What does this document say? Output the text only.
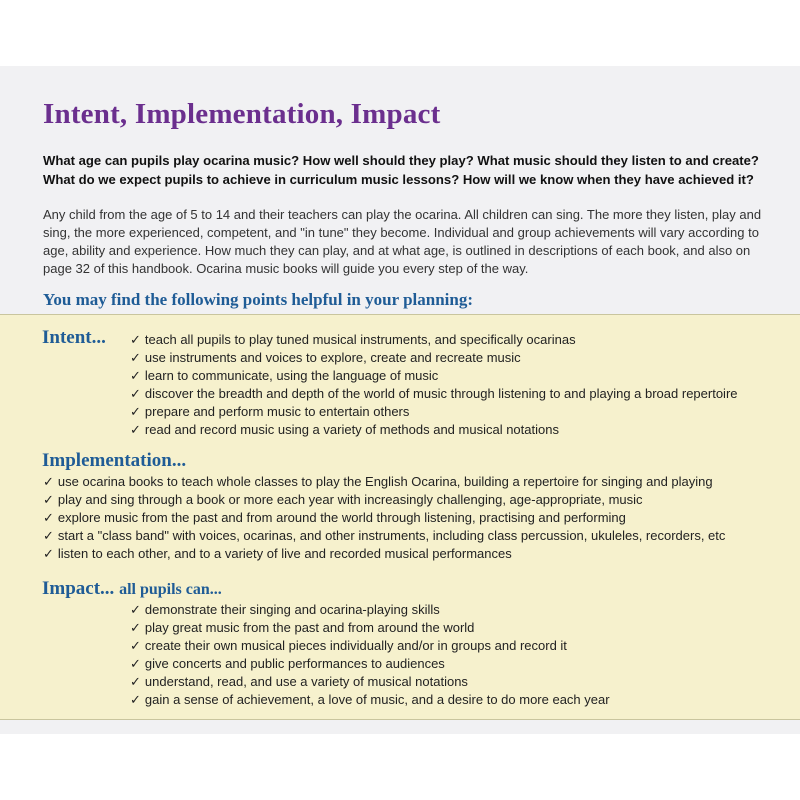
Intent, Implementation, Impact
What age can pupils play ocarina music? How well should they play? What music should they listen to and create?
What do we expect pupils to achieve in curriculum music lessons? How will we know when they have achieved it?

Any child from the age of 5 to 14 and their teachers can play the ocarina. All children can sing. The more they listen, play and sing, the more experienced, competent, and "in tune" they become. Individual and group achievements will vary according to age, ability and experience. How much they can play, and at what age, is outlined in descriptions of each book, and also on page 32 of this handbook. Ocarina music books will guide you every step of the way.

You may find the following points helpful in your planning:
Intent... ✓ teach all pupils to play tuned musical instruments, and specifically ocarinas
✓ use instruments and voices to explore, create and recreate music
✓ learn to communicate, using the language of music
✓ discover the breadth and depth of the world of music through listening to and playing a broad repertoire
✓ prepare and perform music to entertain others
✓ read and record music using a variety of methods and musical notations
Implementation...
✓ use ocarina books to teach whole classes to play the English Ocarina, building a repertoire for singing and playing
✓ play and sing through a book or more each year with increasingly challenging, age-appropriate, music
✓ explore music from the past and from around the world through listening, practising and performing
✓ start a "class band" with voices, ocarinas, and other instruments, including class percussion, ukuleles, recorders, etc
✓ listen to each other, and to a variety of live and recorded musical performances
Impact... all pupils can...
✓ demonstrate their singing and ocarina-playing skills
✓ play great music from the past and from around the world
✓ create their own musical pieces individually and/or in groups and record it
✓ give concerts and public performances to audiences
✓ understand, read, and use a variety of musical notations
✓ gain a sense of achievement, a love of music, and a desire to do more each year
